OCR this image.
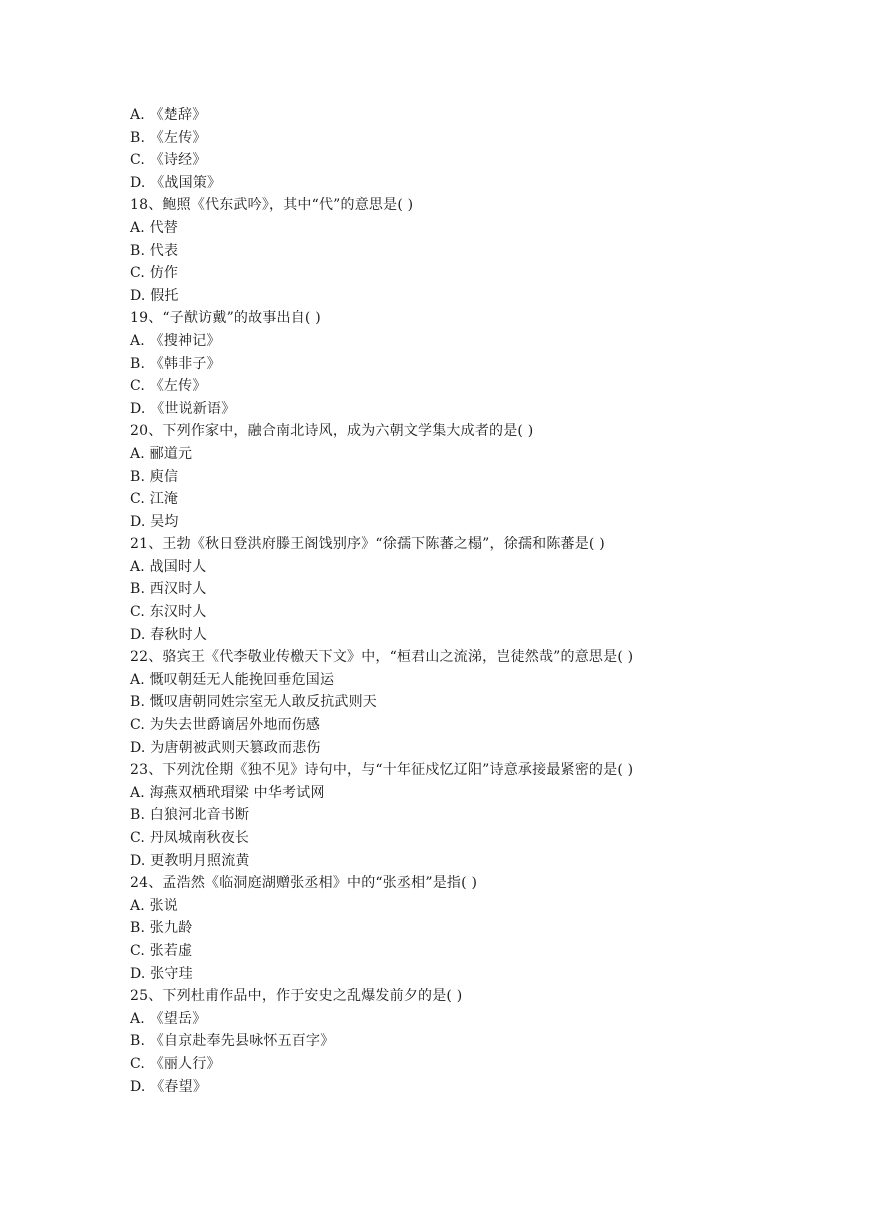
A. 《楚辞》
B. 《左传》
C. 《诗经》
D. 《战国策》
18、鲍照《代东武吟》，其中“代”的意思是( )
A. 代替
B. 代表
C. 仿作
D. 假托
19、“子猷访戴”的故事出自( )
A. 《搜神记》
B. 《韩非子》
C. 《左传》
D. 《世说新语》
20、下列作家中，融合南北诗风，成为六朝文学集大成者的是( )
A. 郦道元
B. 庾信
C. 江淹
D. 吴均
21、王勃《秋日登洪府滕王阁饯别序》“徐孺下陈蕃之榻”，徐孺和陈蕃是( )
A. 战国时人
B. 西汉时人
C. 东汉时人
D. 春秋时人
22、骆宾王《代李敬业传檄天下文》中，“桓君山之流涕，岂徒然哉”的意思是( )
A. 慨叹朝廷无人能挽回垂危国运
B. 慨叹唐朝同姓宗室无人敢反抗武则天
C. 为失去世爵谪居外地而伤感
D. 为唐朝被武则天篡政而悲伤
23、下列沈佺期《独不见》诗句中，与“十年征戍忆辽阳”诗意承接最紧密的是( )
A. 海燕双栖玳瑁梁 中华考试网
B. 白狼河北音书断
C. 丹凤城南秋夜长
D. 更教明月照流黄
24、孟浩然《临洞庭湖赠张丞相》中的“张丞相”是指( )
A. 张说
B. 张九龄
C. 张若虚
D. 张守珪
25、下列杜甫作品中，作于安史之乱爆发前夕的是( )
A. 《望岳》
B. 《自京赴奉先县咏怀五百字》
C. 《丽人行》
D. 《春望》
